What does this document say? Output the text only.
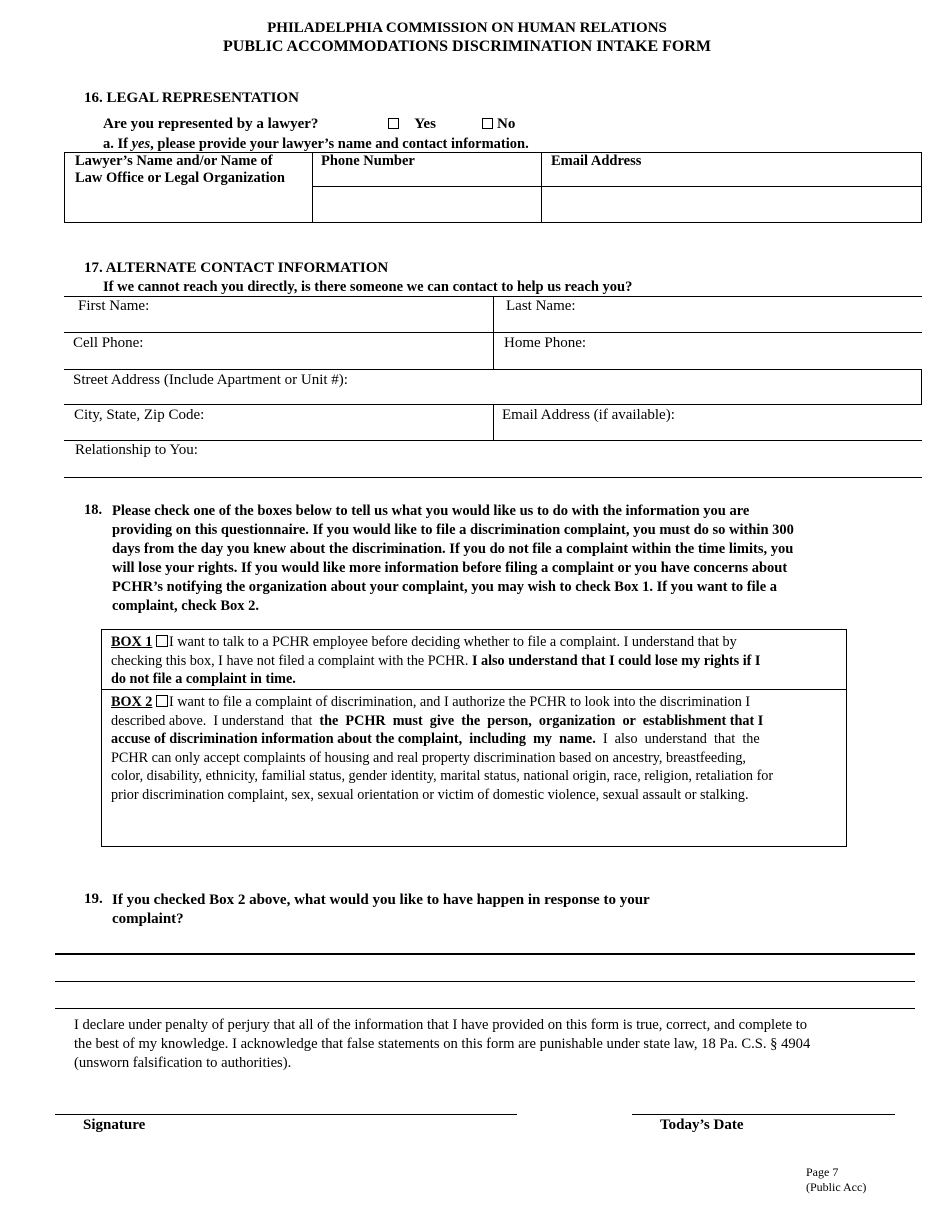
PHILADELPHIA COMMISSION ON HUMAN RELATIONS
PUBLIC ACCOMMODATIONS DISCRIMINATION INTAKE FORM
16. LEGAL REPRESENTATION
Are you represented by a lawyer?	Yes	No
a. If yes, please provide your lawyer’s name and contact information.
Lawyer’s Name and/or Name of
Law Office or Legal Organization
Phone Number	Email Address
17. ALTERNATE CONTACT INFORMATION
If we cannot reach you directly, is there someone we can contact to help us reach you?
First Name:	Last Name:
Cell Phone:	Home Phone:
Street Address (Include Apartment or Unit #):
City, State, Zip Code:	Email Address (if available):
Relationship to You:
18. Please check one of the boxes below to tell us what you would like us to do with the information you are
providing on this questionnaire. If you would like to file a discrimination complaint, you must do so within 300
days from the day you knew about the discrimination. If you do not file a complaint within the time limits, you
will lose your rights. If you would like more information before filing a complaint or you have concerns about
PCHR’s notifying the organization about your complaint, you may wish to check Box 1. If you want to file a
complaint, check Box 2.
BOX 1 I want to talk to a PCHR employee before deciding whether to file a complaint. I understand that by
checking this box, I have not filed a complaint with the PCHR. I also understand that I could lose my rights if I
do not file a complaint in time.
BOX 2 I want to file a complaint of discrimination, and I authorize the PCHR to look into the discrimination I
described above.  I understand  that  the  PCHR  must  give  the  person,  organization  or  establishment that I
accuse of discrimination information about the complaint,  including  my  name.  I  also  understand  that  the
PCHR can only accept complaints of housing and real property discrimination based on ancestry, breastfeeding,
color, disability, ethnicity, familial status, gender identity, marital status, national origin, race, religion, retaliation for
prior discrimination complaint, sex, sexual orientation or victim of domestic violence, sexual assault or stalking.
19. If you checked Box 2 above, what would you like to have happen in response to your
complaint?
I declare under penalty of perjury that all of the information that I have provided on this form is true, correct, and complete to
the best of my knowledge. I acknowledge that false statements on this form are punishable under state law, 18 Pa. C.S. § 4904
(unsworn falsification to authorities).
Signature	Today’s Date
Page 7
(Public Acc)
